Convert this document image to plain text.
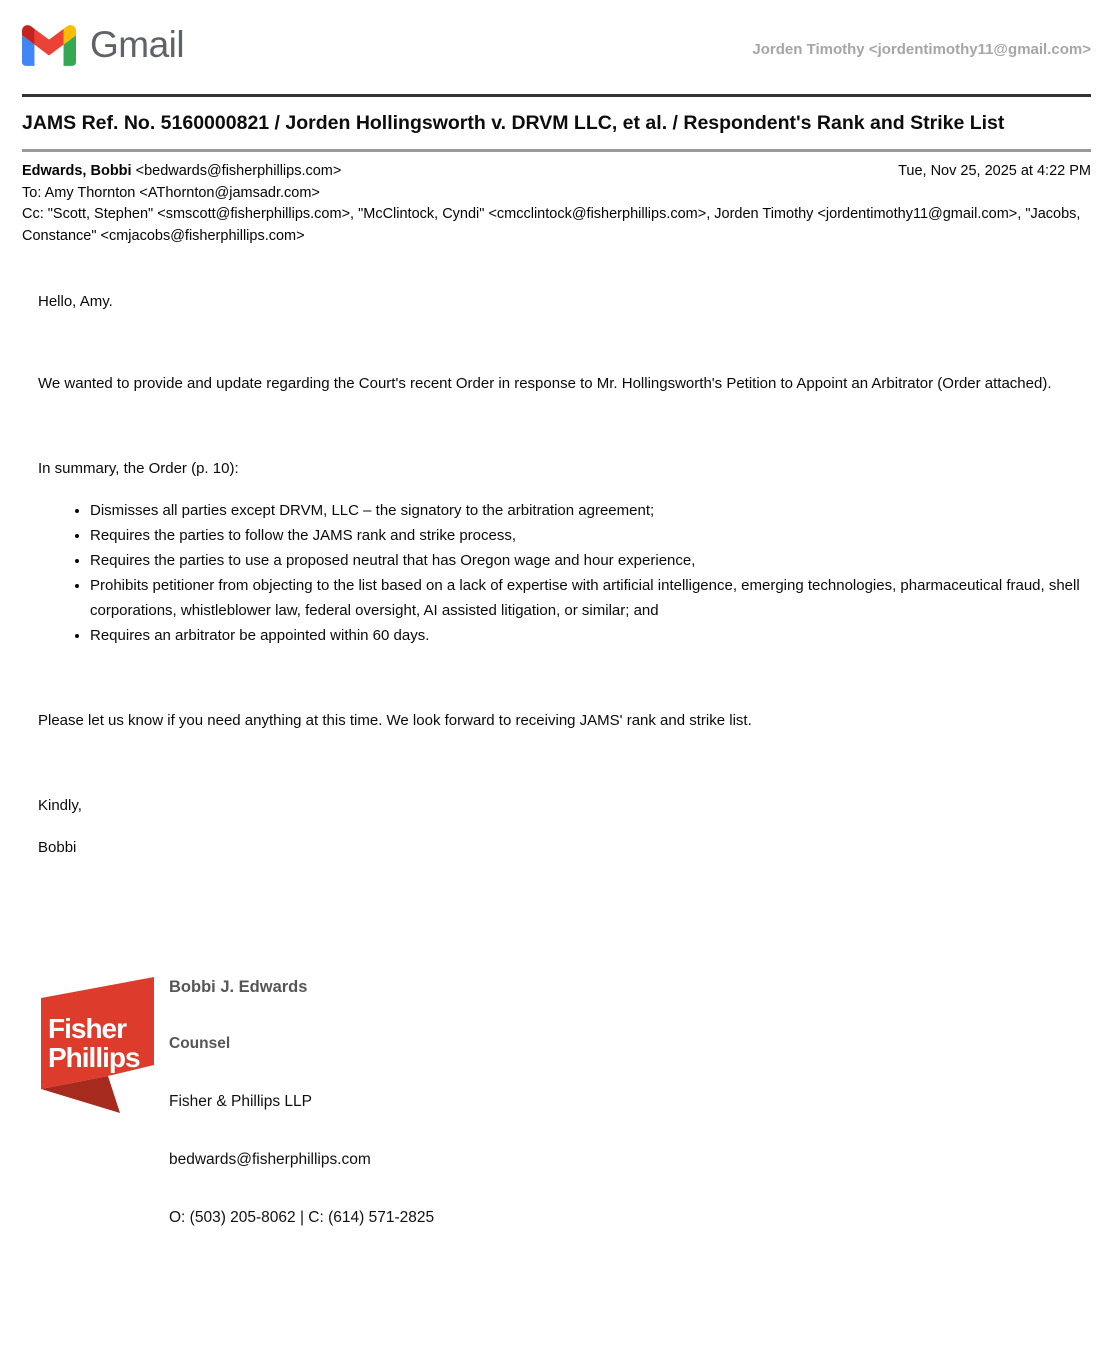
Gmail	Jorden Timothy <jordentimothy11@gmail.com>
JAMS Ref. No. 5160000821 / Jorden Hollingsworth v. DRVM LLC, et al. / Respondent's Rank and Strike List
Tue, Nov 25, 2025 at 4:22 PM
Edwards, Bobbi <bedwards@fisherphillips.com>
To: Amy Thornton <AThornton@jamsadr.com>
Cc: "Scott, Stephen" <smscott@fisherphillips.com>, "McClintock, Cyndi" <cmcclintock@fisherphillips.com>, Jorden Timothy <jordentimothy11@gmail.com>, "Jacobs, Constance" <cmjacobs@fisherphillips.com>

Hello, Amy.

We wanted to provide and update regarding the Court's recent Order in response to Mr. Hollingsworth's Petition to Appoint an Arbitrator (Order attached).

In summary, the Order (p. 10):

• Dismisses all parties except DRVM, LLC – the signatory to the arbitration agreement;
• Requires the parties to follow the JAMS rank and strike process,
• Requires the parties to use a proposed neutral that has Oregon wage and hour experience,
• Prohibits petitioner from objecting to the list based on a lack of expertise with artificial intelligence, emerging technologies, pharmaceutical fraud, shell corporations, whistleblower law, federal oversight, AI assisted litigation, or similar; and
• Requires an arbitrator be appointed within 60 days.

Please let us know if you need anything at this time. We look forward to receiving JAMS' rank and strike list.

Kindly,

Bobbi

Fisher
Phillips
Bobbi J. Edwards
Counsel
Fisher & Phillips LLP
bedwards@fisherphillips.com
O: (503) 205-8062 | C: (614) 571-2825
